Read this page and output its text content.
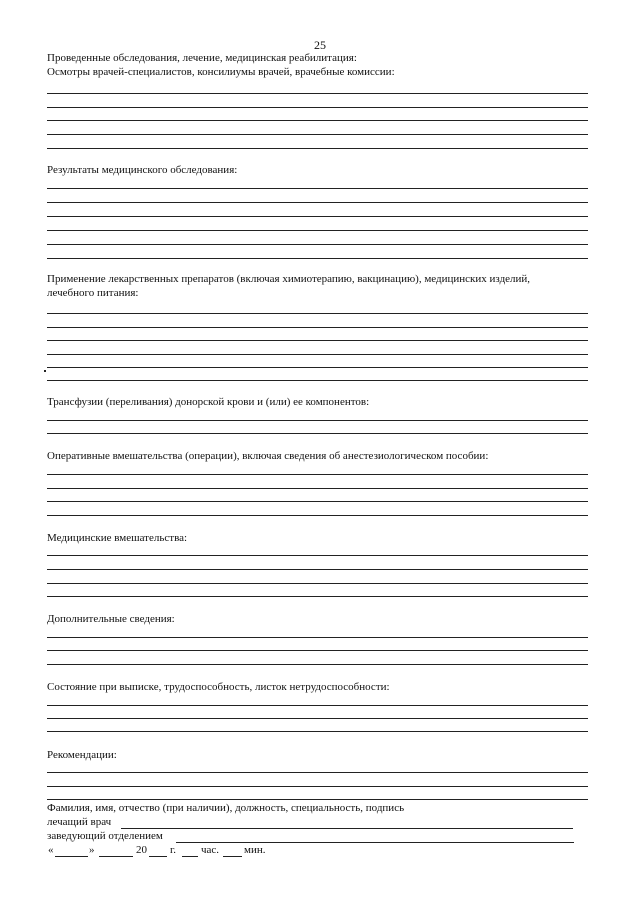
25
Проведенные обследования, лечение, медицинская реабилитация:
Осмотры врачей-специалистов, консилиумы врачей, врачебные комиссии:
Результаты медицинского обследования:
Применение лекарственных препаратов (включая химиотерапию, вакцинацию), медицинских изделий,
лечебного питания:
Трансфузии (переливания) донорской крови и (или) ее компонентов:
Оперативные вмешательства (операции), включая сведения об анестезиологическом пособии:
Медицинские вмешательства:
Дополнительные сведения:
Состояние при выписке, трудоспособность, листок нетрудоспособности:
Рекомендации:
Фамилия, имя, отчество (при наличии), должность, специальность, подпись
лечащий врач
заведующий отделением
«	»	20 г. час. мин.
